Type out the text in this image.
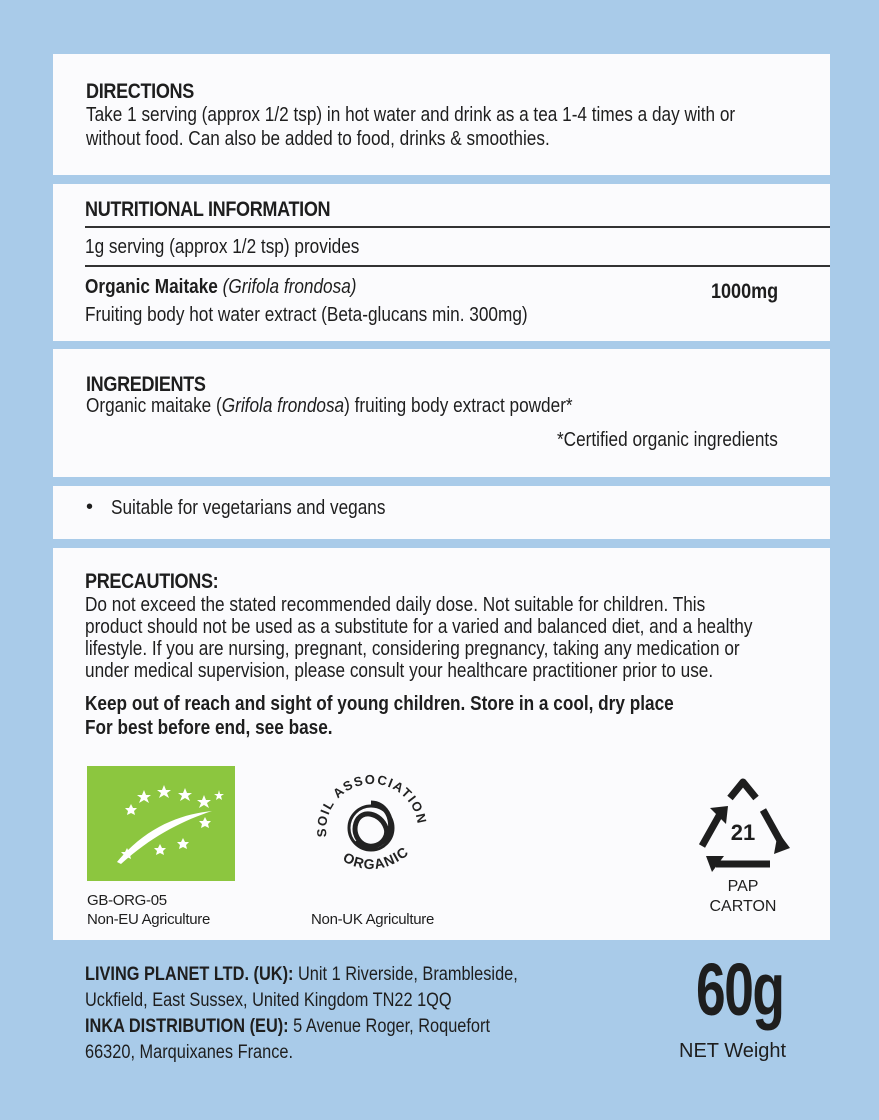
DIRECTIONS
Take 1 serving (approx 1/2 tsp) in hot water and drink as a tea 1-4 times a day with or
without food. Can also be added to food, drinks & smoothies.
NUTRITIONAL INFORMATION
1g serving (approx 1/2 tsp) provides
Organic Maitake (Grifola frondosa)	1000mg
Fruiting body hot water extract (Beta-glucans min. 300mg)
INGREDIENTS
Organic maitake (Grifola frondosa) fruiting body extract powder*
*Certified organic ingredients
• Suitable for vegetarians and vegans
PRECAUTIONS:
Do not exceed the stated recommended daily dose. Not suitable for children. This
product should not be used as a substitute for a varied and balanced diet, and a healthy
lifestyle. If you are nursing, pregnant, considering pregnancy, taking any medication or
under medical supervision, please consult your healthcare practitioner prior to use.
Keep out of reach and sight of young children. Store in a cool, dry place
For best before end, see base.
GB-ORG-05
Non-EU Agriculture
SOIL ASSOCIATION
ORGANIC
Non-UK Agriculture
21
PAP
CARTON
LIVING PLANET LTD. (UK): Unit 1 Riverside, Brambleside,
Uckfield, East Sussex, United Kingdom TN22 1QQ
INKA DISTRIBUTION (EU): 5 Avenue Roger, Roquefort
66320, Marquixanes France.
60g
NET Weight
